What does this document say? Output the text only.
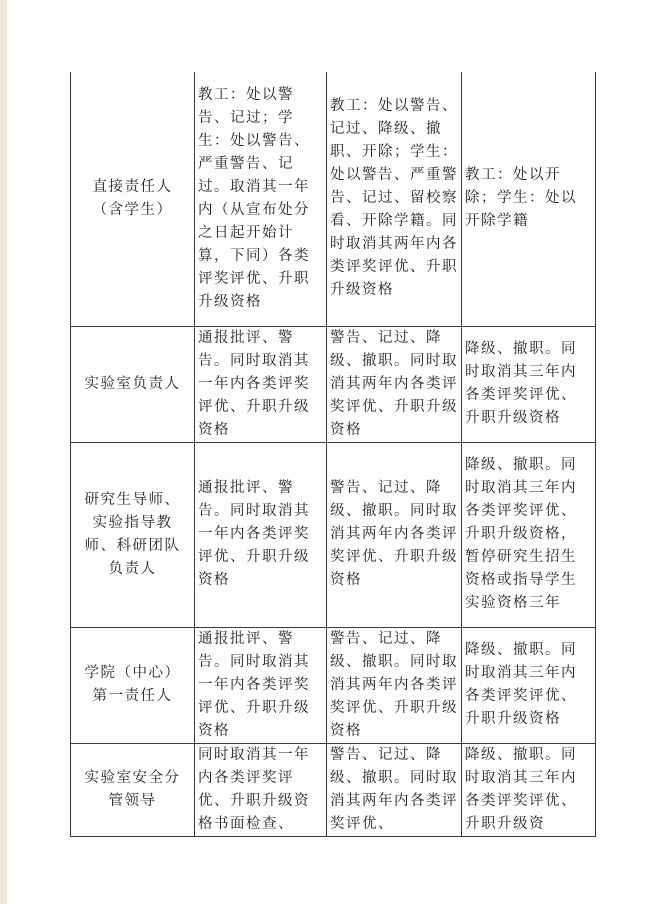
直接责任人（含学生）	教工：处以警告、记过；学生：处以警告、严重警告、记过。取消其一年内（从宣布处分之日起开始计算，下同）各类评奖评优、升职升级资格	教工：处以警告、记过、降级、撤职、开除；学生：处以警告、严重警告、记过、留校察看、开除学籍。同时取消其两年内各类评奖评优、升职升级资格	教工：处以开除；学生：处以开除学籍
实验室负责人	通报批评、警告。同时取消其一年内各类评奖评优、升职升级资格	警告、记过、降级、撤职。同时取消其两年内各类评奖评优、升职升级资格	降级、撤职。同时取消其三年内各类评奖评优、升职升级资格
研究生导师、实验指导教师、科研团队负责人	通报批评、警告。同时取消其一年内各类评奖评优、升职升级资格	警告、记过、降级、撤职。同时取消其两年内各类评奖评优、升职升级资格	降级、撤职。同时取消其三年内各类评奖评优、升职升级资格，暂停研究生招生资格或指导学生实验资格三年
学院（中心）第一责任人	通报批评、警告。同时取消其一年内各类评奖评优、升职升级资格	警告、记过、降级、撤职。同时取消其两年内各类评奖评优、升职升级资格	降级、撤职。同时取消其三年内各类评奖评优、升职升级资格
实验室安全分管领导	同时取消其一年内各类评奖评优、升职升级资格书面检查、	警告、记过、降级、撤职。同时取消其两年内各类评奖评优、	降级、撤职。同时取消其三年内各类评奖评优、升职升级资
